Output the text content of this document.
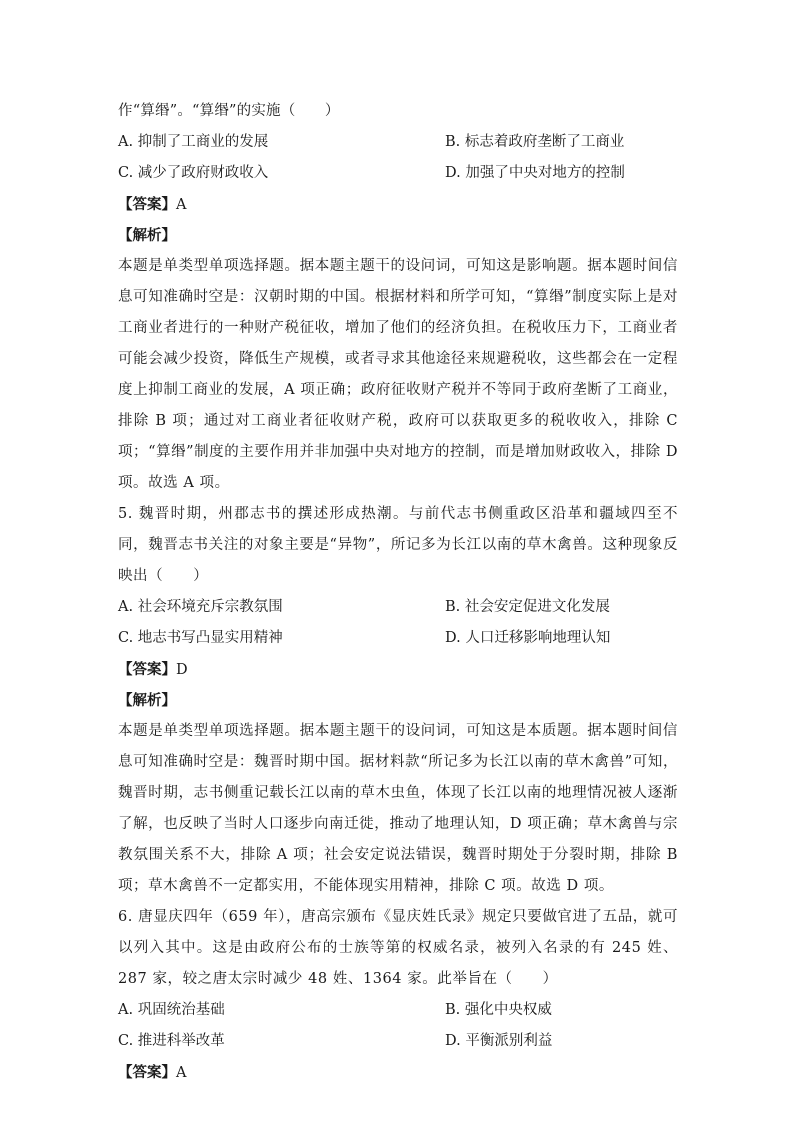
作“算缗”。“算缗”的实施（　　）
A. 抑制了工商业的发展	B. 标志着政府垄断了工商业
C. 减少了政府财政收入	D. 加强了中央对地方的控制
【答案】A
【解析】
本题是单类型单项选择题。据本题主题干的设问词，可知这是影响题。据本题时间信息可知准确时空是：汉朝时期的中国。根据材料和所学可知，“算缗”制度实际上是对工商业者进行的一种财产税征收，增加了他们的经济负担。在税收压力下，工商业者可能会减少投资，降低生产规模，或者寻求其他途径来规避税收，这些都会在一定程度上抑制工商业的发展，A 项正确；政府征收财产税并不等同于政府垄断了工商业，排除 B 项；通过对工商业者征收财产税，政府可以获取更多的税收收入，排除 C 项；“算缗”制度的主要作用并非加强中央对地方的控制，而是增加财政收入，排除 D 项。故选 A 项。
5. 魏晋时期，州郡志书的撰述形成热潮。与前代志书侧重政区沿革和疆域四至不同，魏晋志书关注的对象主要是“异物”，所记多为长江以南的草木禽兽。这种现象反映出（　　）
A. 社会环境充斥宗教氛围	B. 社会安定促进文化发展
C. 地志书写凸显实用精神	D. 人口迁移影响地理认知
【答案】D
【解析】
本题是单类型单项选择题。据本题主题干的设问词，可知这是本质题。据本题时间信息可知准确时空是：魏晋时期中国。据材料款“所记多为长江以南的草木禽兽”可知，魏晋时期，志书侧重记载长江以南的草木虫鱼，体现了长江以南的地理情况被人逐渐了解，也反映了当时人口逐步向南迁徙，推动了地理认知，D 项正确；草木禽兽与宗教氛围关系不大，排除 A 项；社会安定说法错误，魏晋时期处于分裂时期，排除 B 项；草木禽兽不一定都实用，不能体现实用精神，排除 C 项。故选 D 项。
6. 唐显庆四年（659 年），唐高宗颁布《显庆姓氏录》规定只要做官进了五品，就可以列入其中。这是由政府公布的士族等第的权威名录，被列入名录的有 245 姓、287 家，较之唐太宗时减少 48 姓、1364 家。此举旨在（　　）
A. 巩固统治基础	B. 强化中央权威
C. 推进科举改革	D. 平衡派别利益
【答案】A
